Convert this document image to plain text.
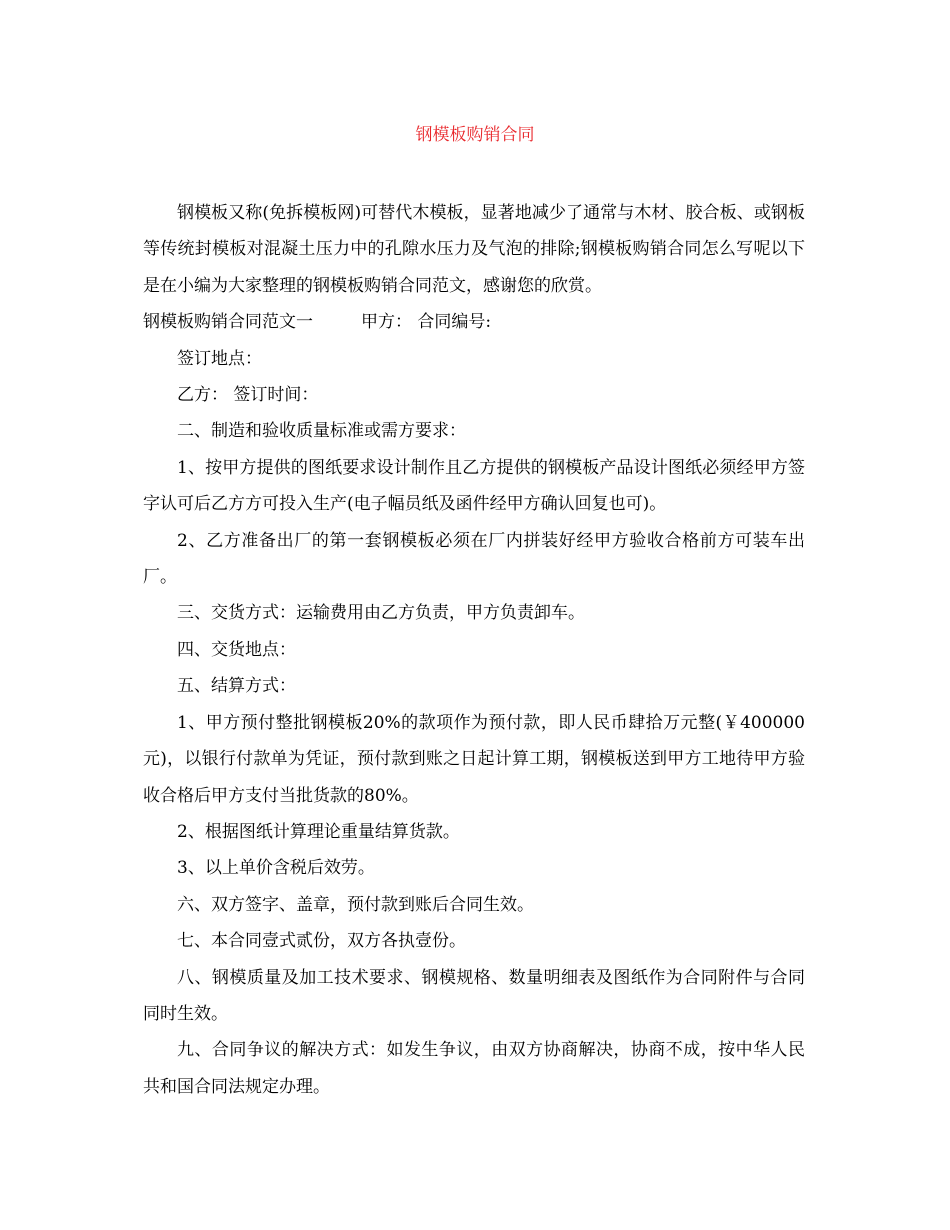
钢模板购销合同

钢模板又称(免拆模板网)可替代木模板，显著地减少了通常与木材、胶合板、或钢板等传统封模板对混凝土压力中的孔隙水压力及气泡的排除;钢模板购销合同怎么写呢以下是在小编为大家整理的钢模板购销合同范文，感谢您的欣赏。

钢模板购销合同范文一	甲方： 合同编号:

签订地点：

乙方： 签订时间：

二、制造和验收质量标准或需方要求：

1、按甲方提供的图纸要求设计制作且乙方提供的钢模板产品设计图纸必须经甲方签字认可后乙方方可投入生产(电子幅员纸及函件经甲方确认回复也可)。

2、乙方准备出厂的第一套钢模板必须在厂内拼装好经甲方验收合格前方可装车出厂。

三、交货方式：运输费用由乙方负责，甲方负责卸车。

四、交货地点：

五、结算方式：

1、甲方预付整批钢模板20%的款项作为预付款，即人民币肆拾万元整(￥400000元)，以银行付款单为凭证，预付款到账之日起计算工期，钢模板送到甲方工地待甲方验收合格后甲方支付当批货款的80%。

2、根据图纸计算理论重量结算货款。

3、以上单价含税后效劳。

六、双方签字、盖章，预付款到账后合同生效。

七、本合同壹式贰份，双方各执壹份。

八、钢模质量及加工技术要求、钢模规格、数量明细表及图纸作为合同附件与合同同时生效。

九、合同争议的解决方式：如发生争议，由双方协商解决，协商不成，按中华人民共和国合同法规定办理。
